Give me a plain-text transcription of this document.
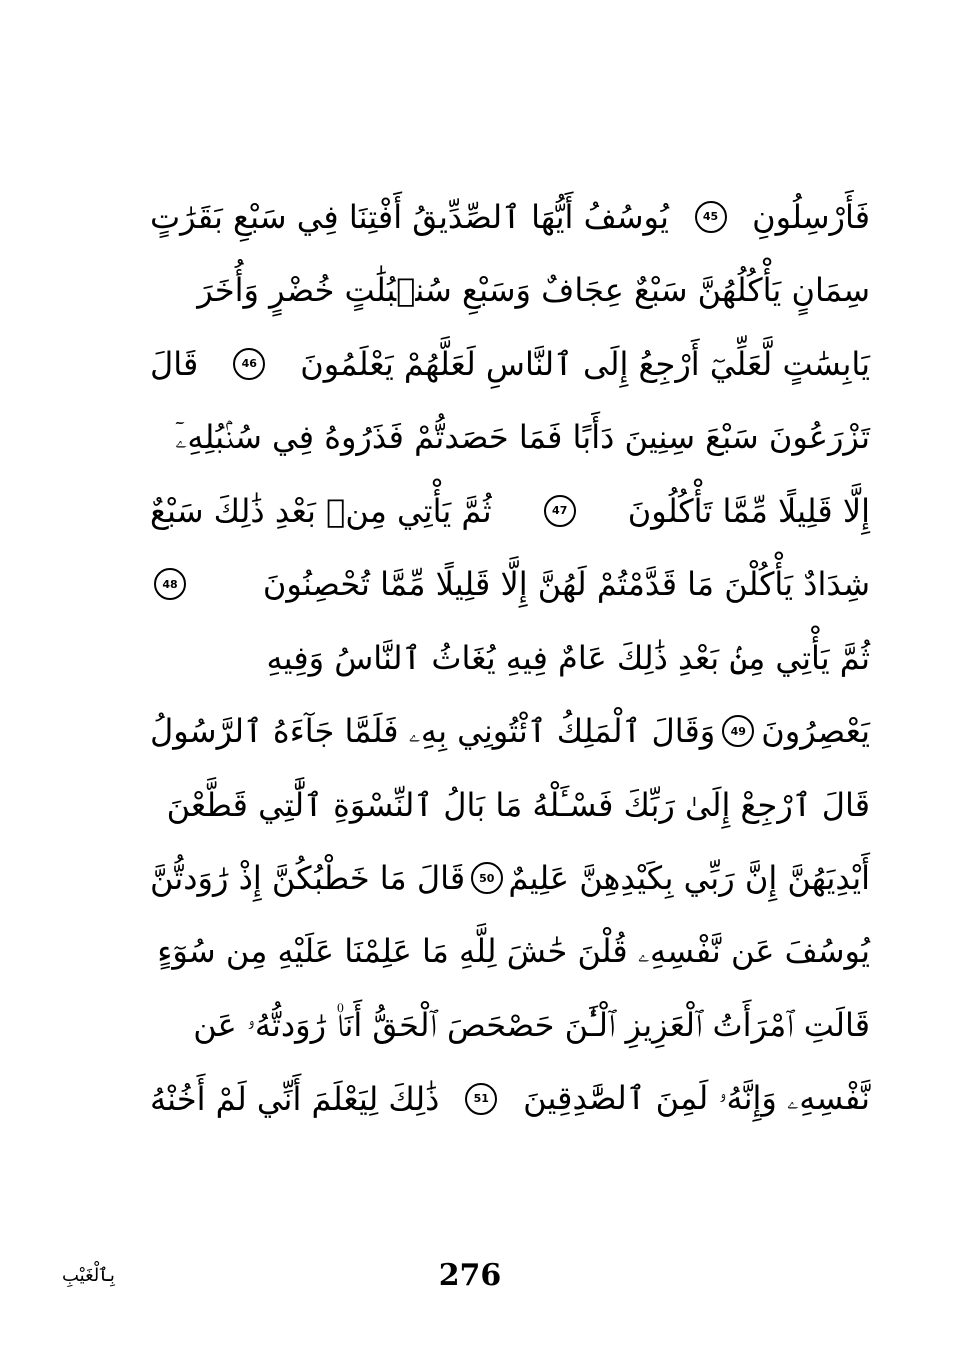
فَأَرْسِلُونِ
45
يُوسُفُ أَيُّهَا ٱلصِّدِّيقُ أَفْتِنَا فِي سَبْعِ بَقَرَٰتٍ
سِمَانٍ يَأْكُلُهُنَّ سَبْعٌ عِجَافٌ وَسَبْعِ سُنۢبُلَٰتٍ خُضْرٍ وَأُخَرَ
يَابِسَٰتٍ لَّعَلِّيٓ أَرْجِعُ إِلَى ٱلنَّاسِ لَعَلَّهُمْ يَعْلَمُونَ
46
قَالَ
تَزْرَعُونَ سَبْعَ سِنِينَ دَأَبًا فَمَا حَصَدتُّمْ فَذَرُوهُ فِي سُنۢبُلِهِۦٓ
إِلَّا قَلِيلًا مِّمَّا تَأْكُلُونَ
47
ثُمَّ يَأْتِي مِنۢ بَعْدِ ذَٰلِكَ سَبْعٌ
شِدَادٌ يَأْكُلْنَ مَا قَدَّمْتُمْ لَهُنَّ إِلَّا قَلِيلًا مِّمَّا تُحْصِنُونَ
48
ثُمَّ يَأْتِي مِنۢ بَعْدِ ذَٰلِكَ عَامٌ فِيهِ يُغَاثُ ٱلنَّاسُ وَفِيهِ
يَعْصِرُونَ
49
وَقَالَ ٱلْمَلِكُ ٱئْتُونِي بِهِۦ فَلَمَّا جَآءَهُ ٱلرَّسُولُ
قَالَ ٱرْجِعْ إِلَىٰ رَبِّكَ فَسْـَٔلْهُ مَا بَالُ ٱلنِّسْوَةِ ٱلَّٰتِي قَطَّعْنَ
أَيْدِيَهُنَّ إِنَّ رَبِّي بِكَيْدِهِنَّ عَلِيمٌ
50
قَالَ مَا خَطْبُكُنَّ إِذْ رَٰوَدتُّنَّ
يُوسُفَ عَن نَّفْسِهِۦ قُلْنَ حَٰشَ لِلَّهِ مَا عَلِمْنَا عَلَيْهِ مِن سُوٓءٍ
قَالَتِ ٱمْرَأَتُ ٱلْعَزِيزِ ٱلْـَٰٔنَ حَصْحَصَ ٱلْحَقُّ أَنَا۠ رَٰوَدتُّهُۥ عَن
نَّفْسِهِۦ وَإِنَّهُۥ لَمِنَ ٱلصَّٰدِقِينَ
51
ذَٰلِكَ لِيَعْلَمَ أَنِّي لَمْ أَخُنْهُ
276
بِٱلْغَيْبِ
